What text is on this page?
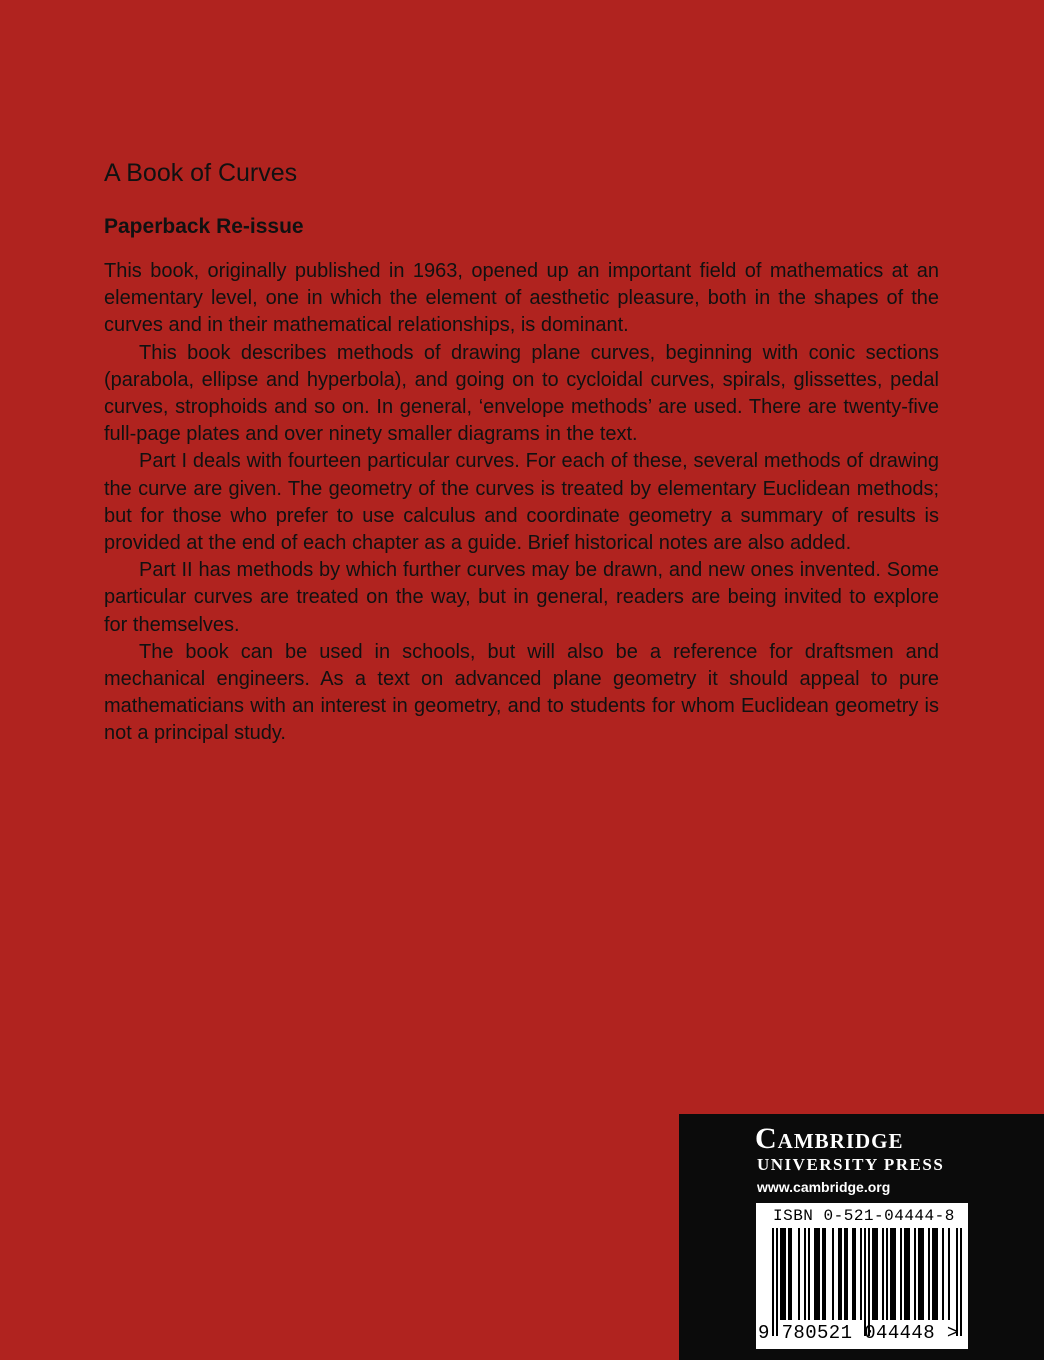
A Book of Curves
Paperback Re-issue

This book, originally published in 1963, opened up an important field of mathematics at an elementary level, one in which the element of aesthetic pleasure, both in the shapes of the curves and in their mathematical relationships, is dominant.

This book describes methods of drawing plane curves, beginning with conic sections (parabola, ellipse and hyperbola), and going on to cycloidal curves, spirals, glissettes, pedal curves, strophoids and so on. In general, ‘envelope methods’ are used. There are twenty-five full-page plates and over ninety smaller diagrams in the text.

Part I deals with fourteen particular curves. For each of these, several methods of drawing the curve are given. The geometry of the curves is treated by elementary Euclidean methods; but for those who prefer to use calculus and coordinate geometry a summary of results is provided at the end of each chapter as a guide. Brief historical notes are also added.

Part II has methods by which further curves may be drawn, and new ones invented. Some particular curves are treated on the way, but in general, readers are being invited to explore for themselves.

The book can be used in schools, but will also be a reference for draftsmen and mechanical engineers. As a text on advanced plane geometry it should appeal to pure mathematicians with an interest in geometry, and to students for whom Euclidean geometry is not a principal study.

Cambridge
UNIVERSITY PRESS
www.cambridge.org
ISBN 0-521-04444-8
9 780521 044448 >
